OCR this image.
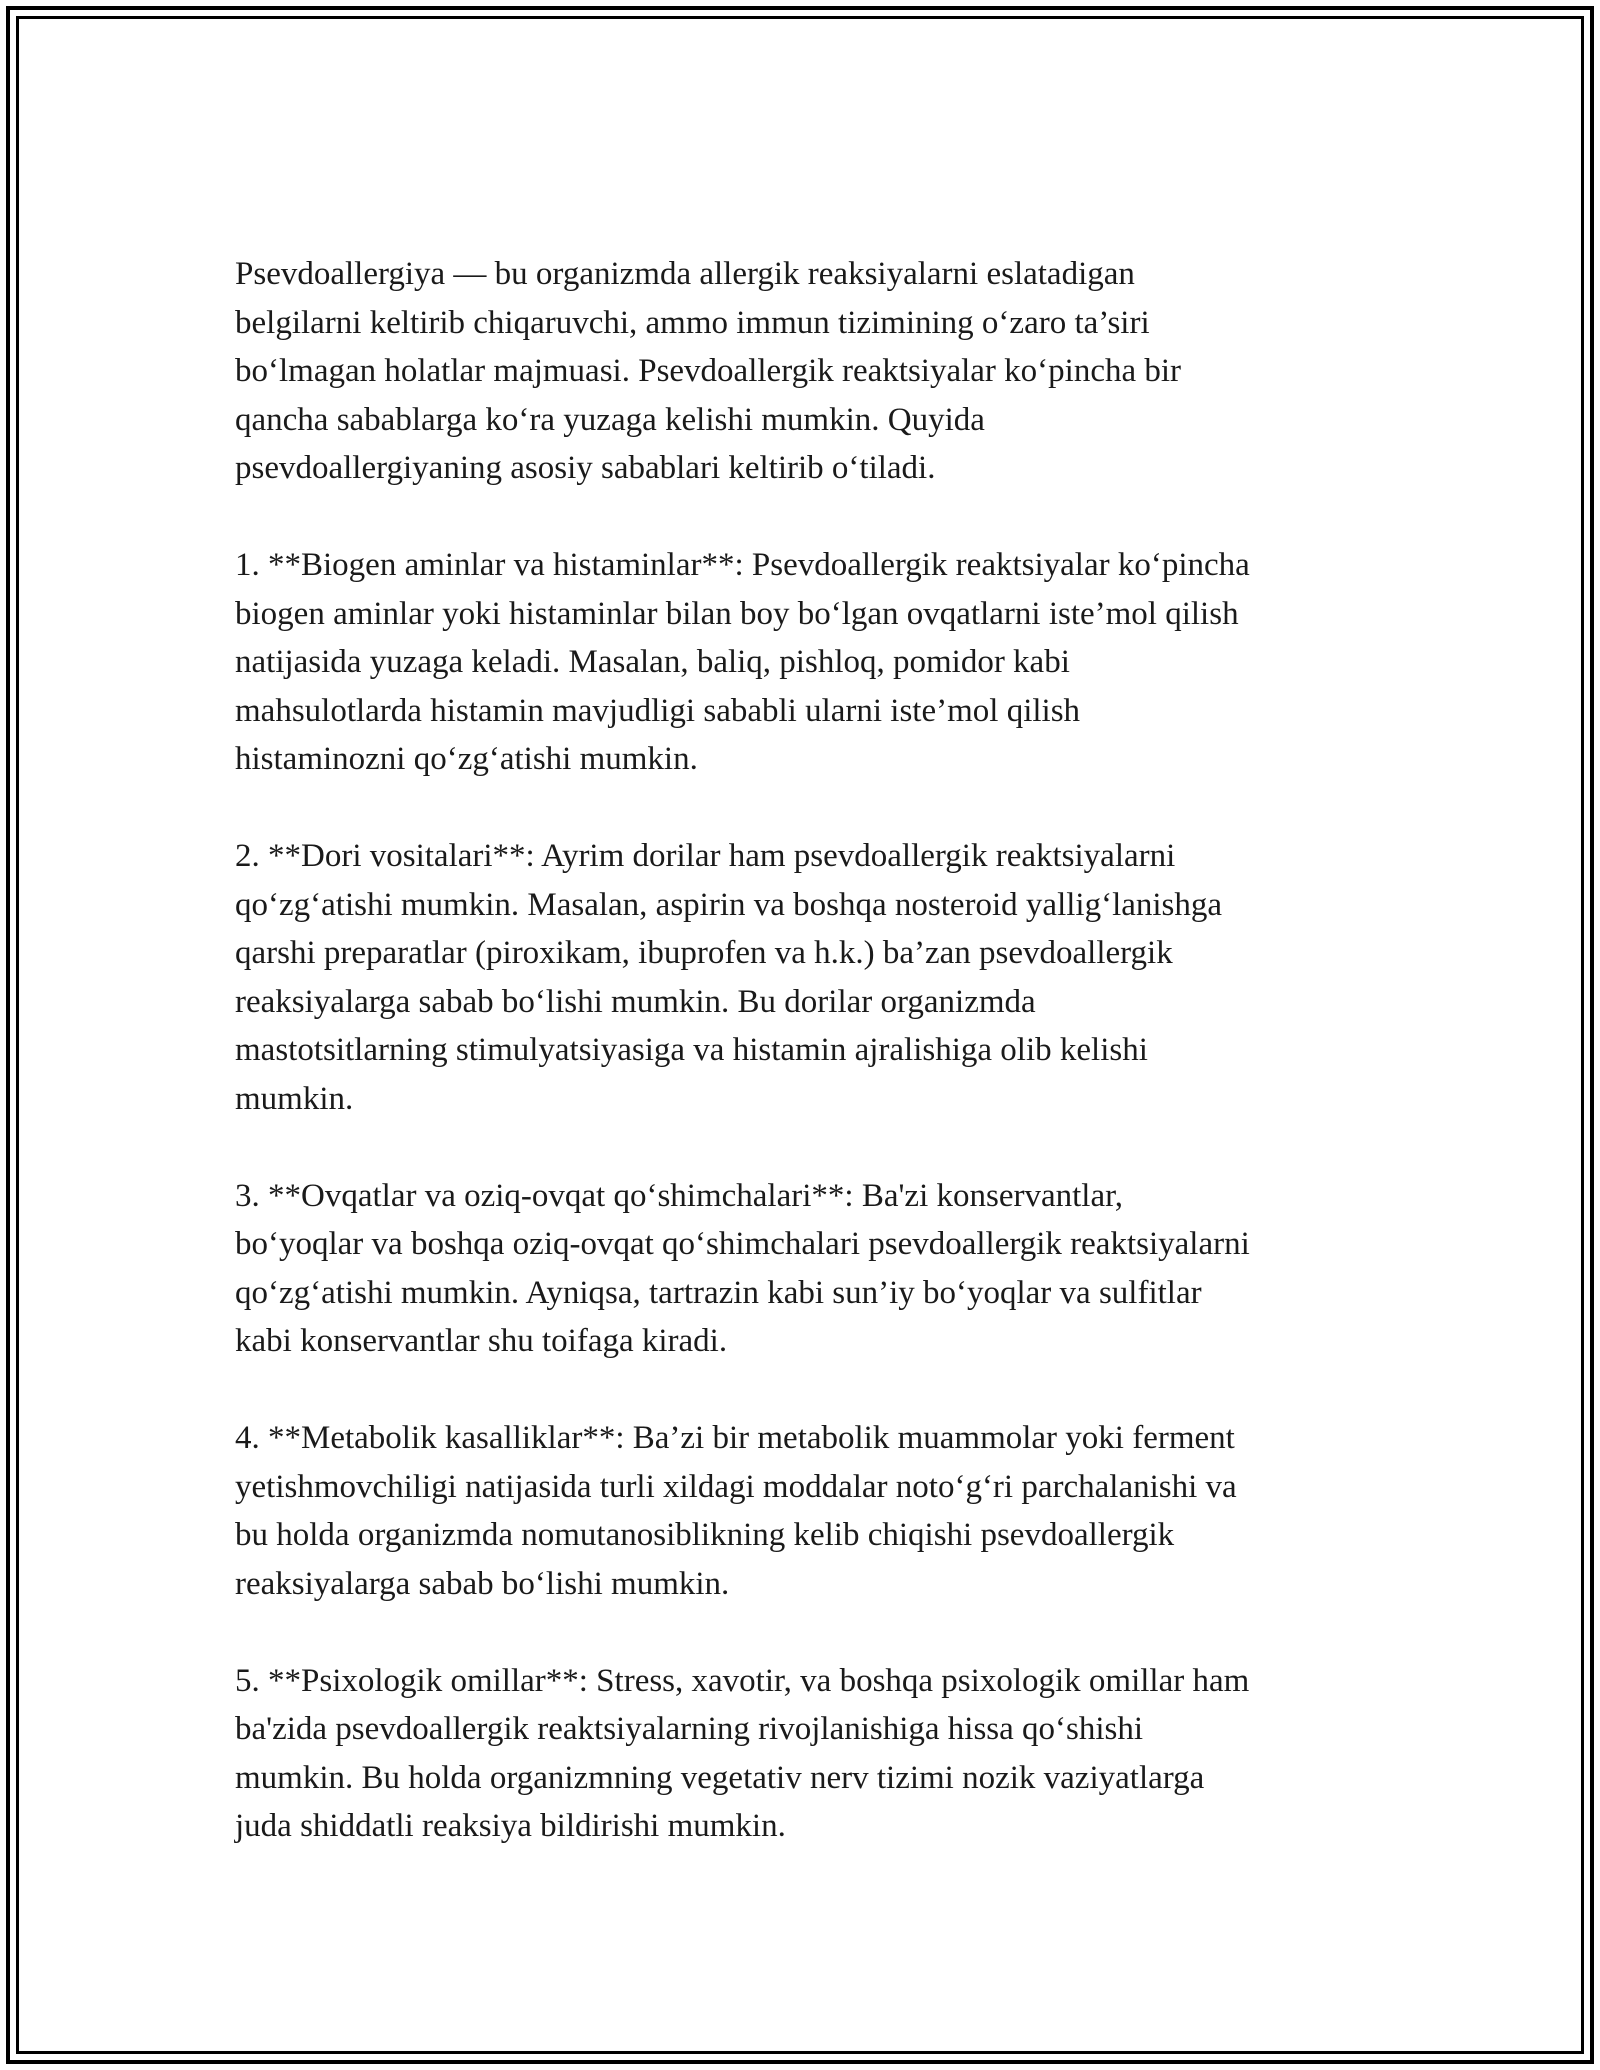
Psevdoallergiya — bu organizmda allergik reaksiyalarni eslatadigan
belgilarni keltirib chiqaruvchi, ammo immun tizimining o‘zaro ta’siri
bo‘lmagan holatlar majmuasi. Psevdoallergik reaktsiyalar ko‘pincha bir
qancha sabablarga ko‘ra yuzaga kelishi mumkin. Quyida
psevdoallergiyaning asosiy sabablari keltirib o‘tiladi.
1. **Biogen aminlar va histaminlar**: Psevdoallergik reaktsiyalar ko‘pincha
biogen aminlar yoki histaminlar bilan boy bo‘lgan ovqatlarni iste’mol qilish
natijasida yuzaga keladi. Masalan, baliq, pishloq, pomidor kabi
mahsulotlarda histamin mavjudligi sababli ularni iste’mol qilish
histaminozni qo‘zg‘atishi mumkin.
2. **Dori vositalari**: Ayrim dorilar ham psevdoallergik reaktsiyalarni
qo‘zg‘atishi mumkin. Masalan, aspirin va boshqa nosteroid yallig‘lanishga
qarshi preparatlar (piroxikam, ibuprofen va h.k.) ba’zan psevdoallergik
reaksiyalarga sabab bo‘lishi mumkin. Bu dorilar organizmda
mastotsitlarning stimulyatsiyasiga va histamin ajralishiga olib kelishi
mumkin.
3. **Ovqatlar va oziq-ovqat qo‘shimchalari**: Ba'zi konservantlar,
bo‘yoqlar va boshqa oziq-ovqat qo‘shimchalari psevdoallergik reaktsiyalarni
qo‘zg‘atishi mumkin. Ayniqsa, tartrazin kabi sun’iy bo‘yoqlar va sulfitlar
kabi konservantlar shu toifaga kiradi.
4. **Metabolik kasalliklar**: Ba’zi bir metabolik muammolar yoki ferment
yetishmovchiligi natijasida turli xildagi moddalar noto‘g‘ri parchalanishi va
bu holda organizmda nomutanosiblikning kelib chiqishi psevdoallergik
reaksiyalarga sabab bo‘lishi mumkin.
5. **Psixologik omillar**: Stress, xavotir, va boshqa psixologik omillar ham
ba'zida psevdoallergik reaktsiyalarning rivojlanishiga hissa qo‘shishi
mumkin. Bu holda organizmning vegetativ nerv tizimi nozik vaziyatlarga
juda shiddatli reaksiya bildirishi mumkin.
